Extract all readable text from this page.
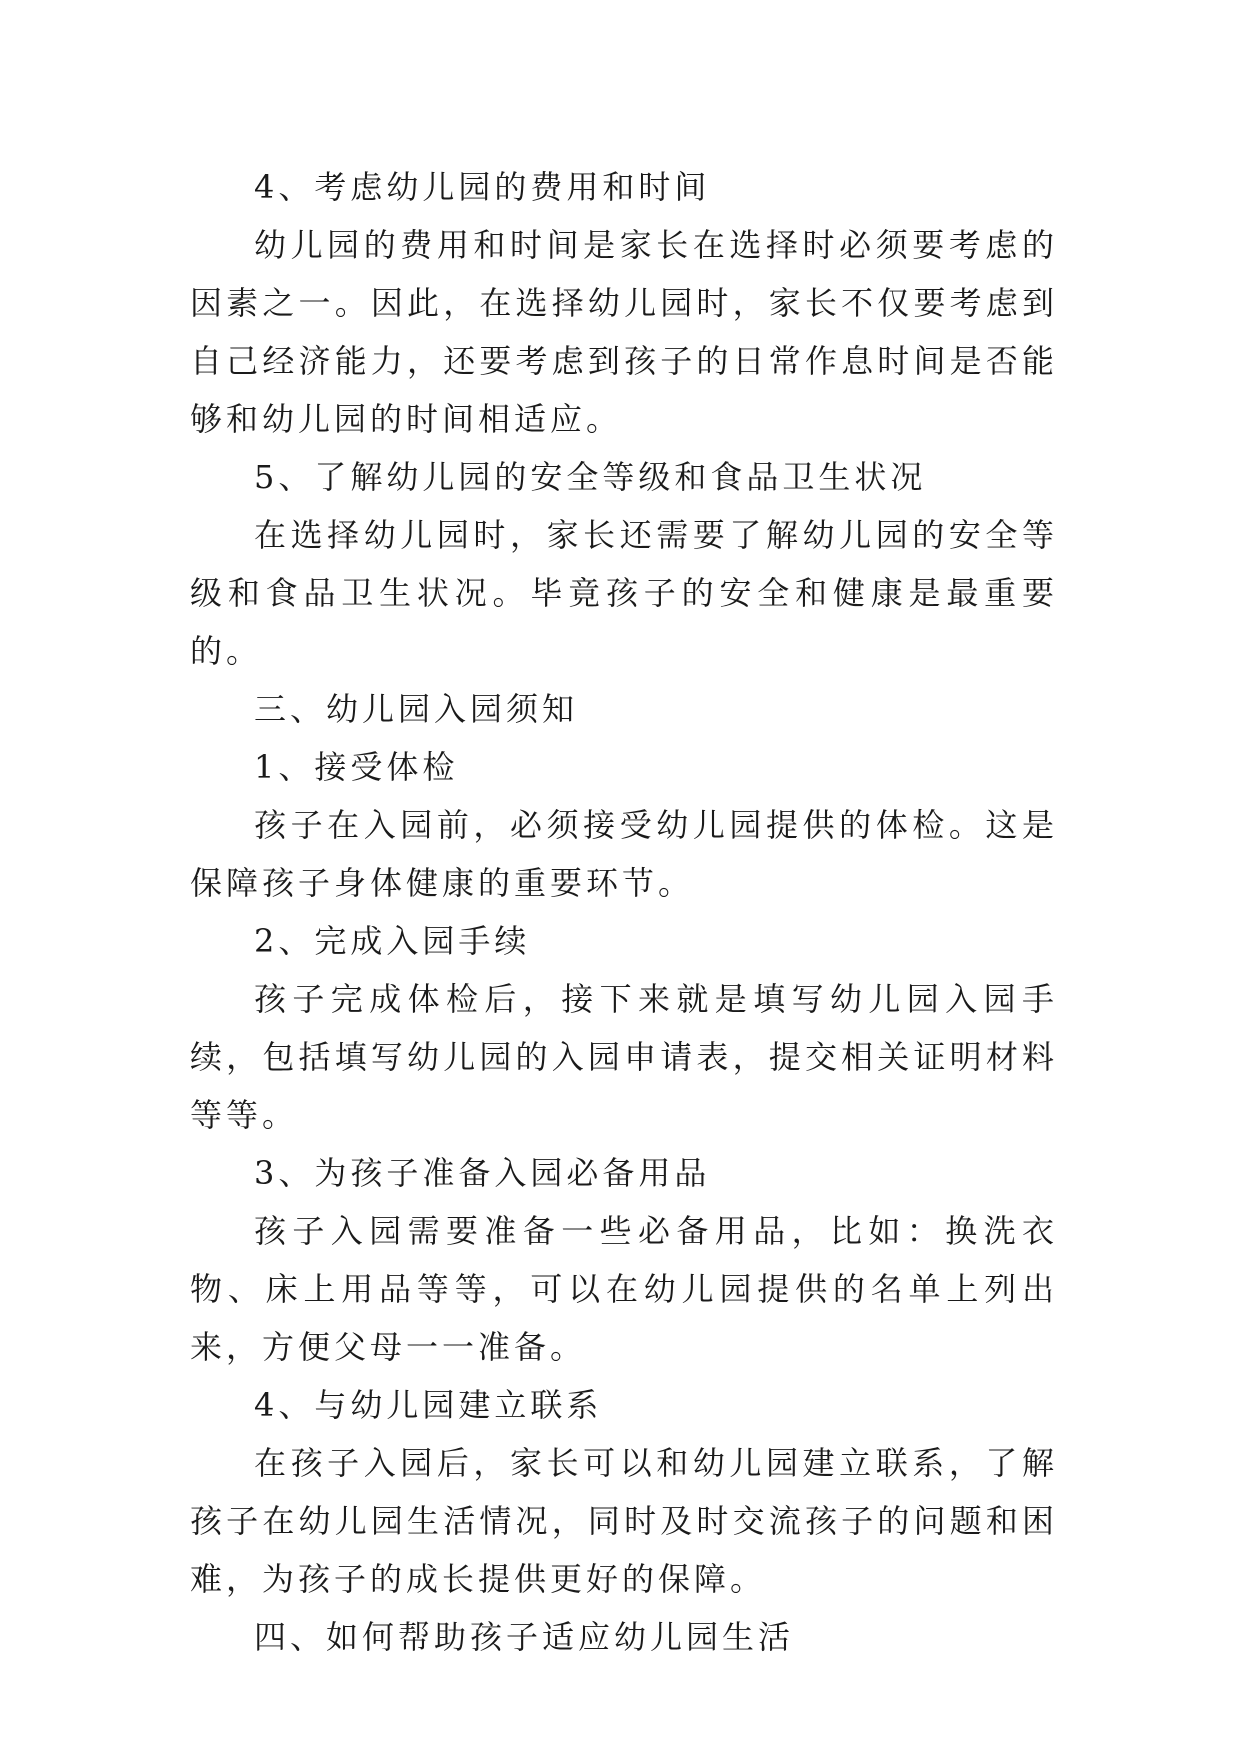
4、考虑幼儿园的费用和时间

幼儿园的费用和时间是家长在选择时必须要考虑的因素之一。因此，在选择幼儿园时，家长不仅要考虑到自己经济能力，还要考虑到孩子的日常作息时间是否能够和幼儿园的时间相适应。

5、了解幼儿园的安全等级和食品卫生状况

在选择幼儿园时，家长还需要了解幼儿园的安全等级和食品卫生状况。毕竟孩子的安全和健康是最重要的。

三、幼儿园入园须知

1、接受体检

孩子在入园前，必须接受幼儿园提供的体检。这是保障孩子身体健康的重要环节。

2、完成入园手续

孩子完成体检后，接下来就是填写幼儿园入园手续，包括填写幼儿园的入园申请表，提交相关证明材料等等。

3、为孩子准备入园必备用品

孩子入园需要准备一些必备用品，比如：换洗衣物、床上用品等等，可以在幼儿园提供的名单上列出来，方便父母一一准备。

4、与幼儿园建立联系

在孩子入园后，家长可以和幼儿园建立联系，了解孩子在幼儿园生活情况，同时及时交流孩子的问题和困难，为孩子的成长提供更好的保障。

四、如何帮助孩子适应幼儿园生活
